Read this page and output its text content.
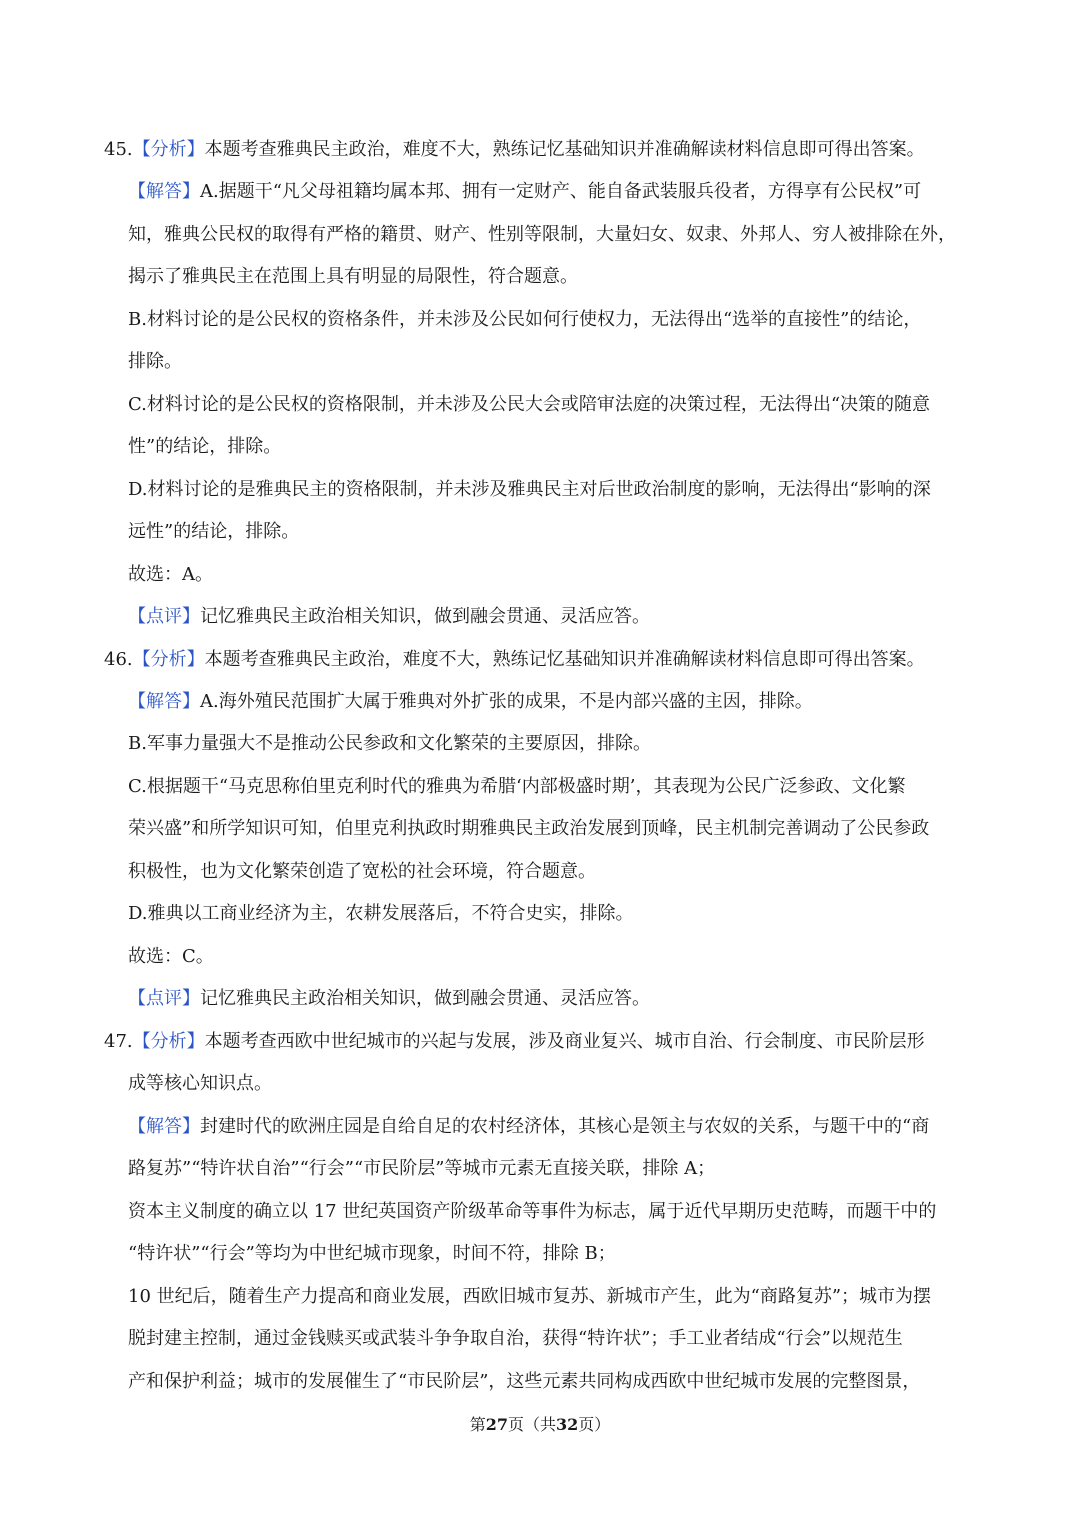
45.【分析】本题考查雅典民主政治，难度不大，熟练记忆基础知识并准确解读材料信息即可得出答案。
【解答】A.据题干“凡父母祖籍均属本邦、拥有一定财产、能自备武装服兵役者，方得享有公民权”可
知，雅典公民权的取得有严格的籍贯、财产、性别等限制，大量妇女、奴隶、外邦人、穷人被排除在外，
揭示了雅典民主在范围上具有明显的局限性，符合题意。
B.材料讨论的是公民权的资格条件，并未涉及公民如何行使权力，无法得出“选举的直接性”的结论，
排除。
C.材料讨论的是公民权的资格限制，并未涉及公民大会或陪审法庭的决策过程，无法得出“决策的随意
性”的结论，排除。
D.材料讨论的是雅典民主的资格限制，并未涉及雅典民主对后世政治制度的影响，无法得出“影响的深
远性”的结论，排除。
故选：A。
【点评】记忆雅典民主政治相关知识，做到融会贯通、灵活应答。
46.【分析】本题考查雅典民主政治，难度不大，熟练记忆基础知识并准确解读材料信息即可得出答案。
【解答】A.海外殖民范围扩大属于雅典对外扩张的成果，不是内部兴盛的主因，排除。
B.军事力量强大不是推动公民参政和文化繁荣的主要原因，排除。
C.根据题干“马克思称伯里克利时代的雅典为希腊‘内部极盛时期’，其表现为公民广泛参政、文化繁
荣兴盛”和所学知识可知，伯里克利执政时期雅典民主政治发展到顶峰，民主机制完善调动了公民参政
积极性，也为文化繁荣创造了宽松的社会环境，符合题意。
D.雅典以工商业经济为主，农耕发展落后，不符合史实，排除。
故选：C。
【点评】记忆雅典民主政治相关知识，做到融会贯通、灵活应答。
47.【分析】本题考查西欧中世纪城市的兴起与发展，涉及商业复兴、城市自治、行会制度、市民阶层形
成等核心知识点。
【解答】封建时代的欧洲庄园是自给自足的农村经济体，其核心是领主与农奴的关系，与题干中的“商
路复苏”“特许状自治”“行会”“市民阶层”等城市元素无直接关联，排除 A；
资本主义制度的确立以 17 世纪英国资产阶级革命等事件为标志，属于近代早期历史范畴，而题干中的
“特许状”“行会”等均为中世纪城市现象，时间不符，排除 B；
10 世纪后，随着生产力提高和商业发展，西欧旧城市复苏、新城市产生，此为“商路复苏”；城市为摆
脱封建主控制，通过金钱赎买或武装斗争争取自治，获得“特许状”；手工业者结成“行会”以规范生
产和保护利益；城市的发展催生了“市民阶层”，这些元素共同构成西欧中世纪城市发展的完整图景，
第27页（共32页）
